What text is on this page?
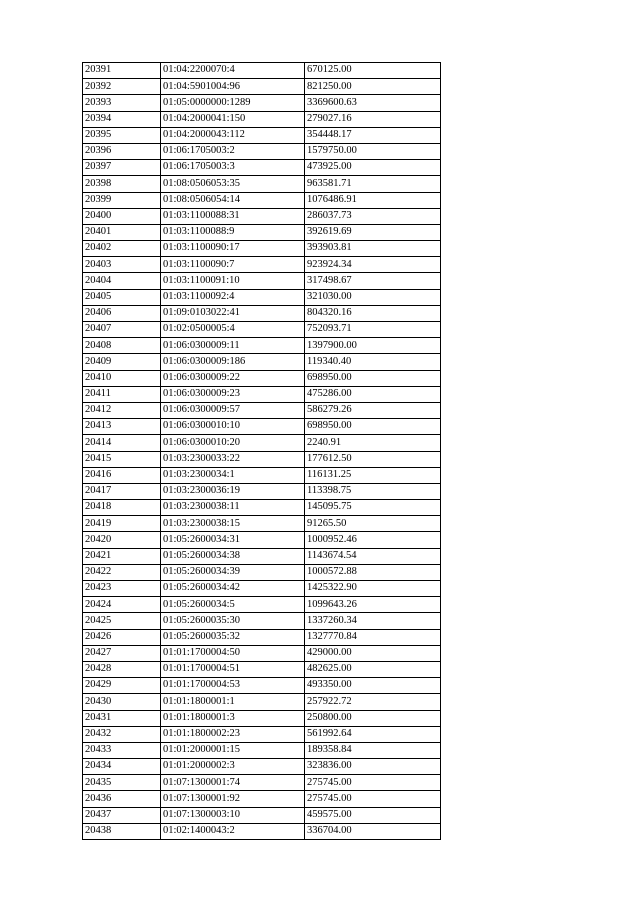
20391	01:04:2200070:4	670125.00
20392	01:04:5901004:96	821250.00
20393	01:05:0000000:1289	3369600.63
20394	01:04:2000041:150	279027.16
20395	01:04:2000043:112	354448.17
20396	01:06:1705003:2	1579750.00
20397	01:06:1705003:3	473925.00
20398	01:08:0506053:35	963581.71
20399	01:08:0506054:14	1076486.91
20400	01:03:1100088:31	286037.73
20401	01:03:1100088:9	392619.69
20402	01:03:1100090:17	393903.81
20403	01:03:1100090:7	923924.34
20404	01:03:1100091:10	317498.67
20405	01:03:1100092:4	321030.00
20406	01:09:0103022:41	804320.16
20407	01:02:0500005:4	752093.71
20408	01:06:0300009:11	1397900.00
20409	01:06:0300009:186	119340.40
20410	01:06:0300009:22	698950.00
20411	01:06:0300009:23	475286.00
20412	01:06:0300009:57	586279.26
20413	01:06:0300010:10	698950.00
20414	01:06:0300010:20	2240.91
20415	01:03:2300033:22	177612.50
20416	01:03:2300034:1	116131.25
20417	01:03:2300036:19	113398.75
20418	01:03:2300038:11	145095.75
20419	01:03:2300038:15	91265.50
20420	01:05:2600034:31	1000952.46
20421	01:05:2600034:38	1143674.54
20422	01:05:2600034:39	1000572.88
20423	01:05:2600034:42	1425322.90
20424	01:05:2600034:5	1099643.26
20425	01:05:2600035:30	1337260.34
20426	01:05:2600035:32	1327770.84
20427	01:01:1700004:50	429000.00
20428	01:01:1700004:51	482625.00
20429	01:01:1700004:53	493350.00
20430	01:01:1800001:1	257922.72
20431	01:01:1800001:3	250800.00
20432	01:01:1800002:23	561992.64
20433	01:01:2000001:15	189358.84
20434	01:01:2000002:3	323836.00
20435	01:07:1300001:74	275745.00
20436	01:07:1300001:92	275745.00
20437	01:07:1300003:10	459575.00
20438	01:02:1400043:2	336704.00
